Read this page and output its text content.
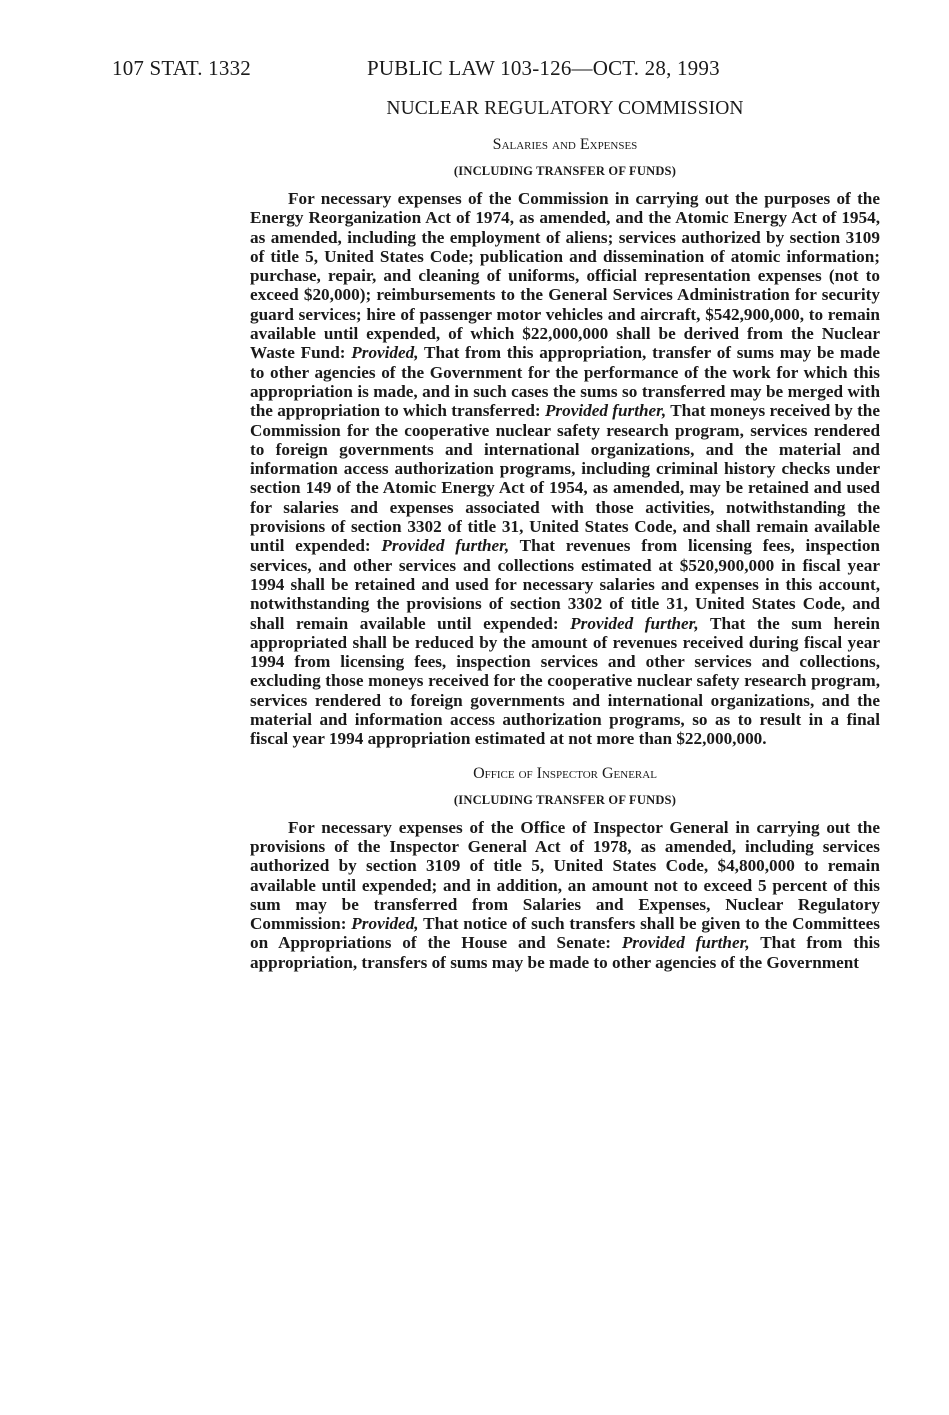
107 STAT. 1332	PUBLIC LAW 103-126—OCT. 28, 1993
NUCLEAR REGULATORY COMMISSION
Salaries and Expenses
(INCLUDING TRANSFER OF FUNDS)

For necessary expenses of the Commission in carrying out the purposes of the Energy Reorganization Act of 1974, as amended, and the Atomic Energy Act of 1954, as amended, including the employment of aliens; services authorized by section 3109 of title 5, United States Code; publication and dissemination of atomic information; purchase, repair, and cleaning of uniforms, official representation expenses (not to exceed $20,000); reimbursements to the General Services Administration for security guard services; hire of passenger motor vehicles and aircraft, $542,900,000, to remain available until expended, of which $22,000,000 shall be derived from the Nuclear Waste Fund: Provided, That from this appropriation, transfer of sums may be made to other agencies of the Government for the performance of the work for which this appropriation is made, and in such cases the sums so transferred may be merged with the appropriation to which transferred: Provided further, That moneys received by the Commission for the cooperative nuclear safety research program, services rendered to foreign governments and international organizations, and the material and information access authorization programs, including criminal history checks under section 149 of the Atomic Energy Act of 1954, as amended, may be retained and used for salaries and expenses associated with those activities, notwithstanding the provisions of section 3302 of title 31, United States Code, and shall remain available until expended: Provided further, That revenues from licensing fees, inspection services, and other services and collections estimated at $520,900,000 in fiscal year 1994 shall be retained and used for necessary salaries and expenses in this account, notwithstanding the provisions of section 3302 of title 31, United States Code, and shall remain available until expended: Provided further, That the sum herein appropriated shall be reduced by the amount of revenues received during fiscal year 1994 from licensing fees, inspection services and other services and collections, excluding those moneys received for the cooperative nuclear safety research program, services rendered to foreign governments and international organizations, and the material and information access authorization programs, so as to result in a final fiscal year 1994 appropriation estimated at not more than $22,000,000.

Office of Inspector General
(INCLUDING TRANSFER OF FUNDS)

For necessary expenses of the Office of Inspector General in carrying out the provisions of the Inspector General Act of 1978, as amended, including services authorized by section 3109 of title 5, United States Code, $4,800,000 to remain available until expended; and in addition, an amount not to exceed 5 percent of this sum may be transferred from Salaries and Expenses, Nuclear Regulatory Commission: Provided, That notice of such transfers shall be given to the Committees on Appropriations of the House and Senate: Provided further, That from this appropriation, transfers of sums may be made to other agencies of the Government
